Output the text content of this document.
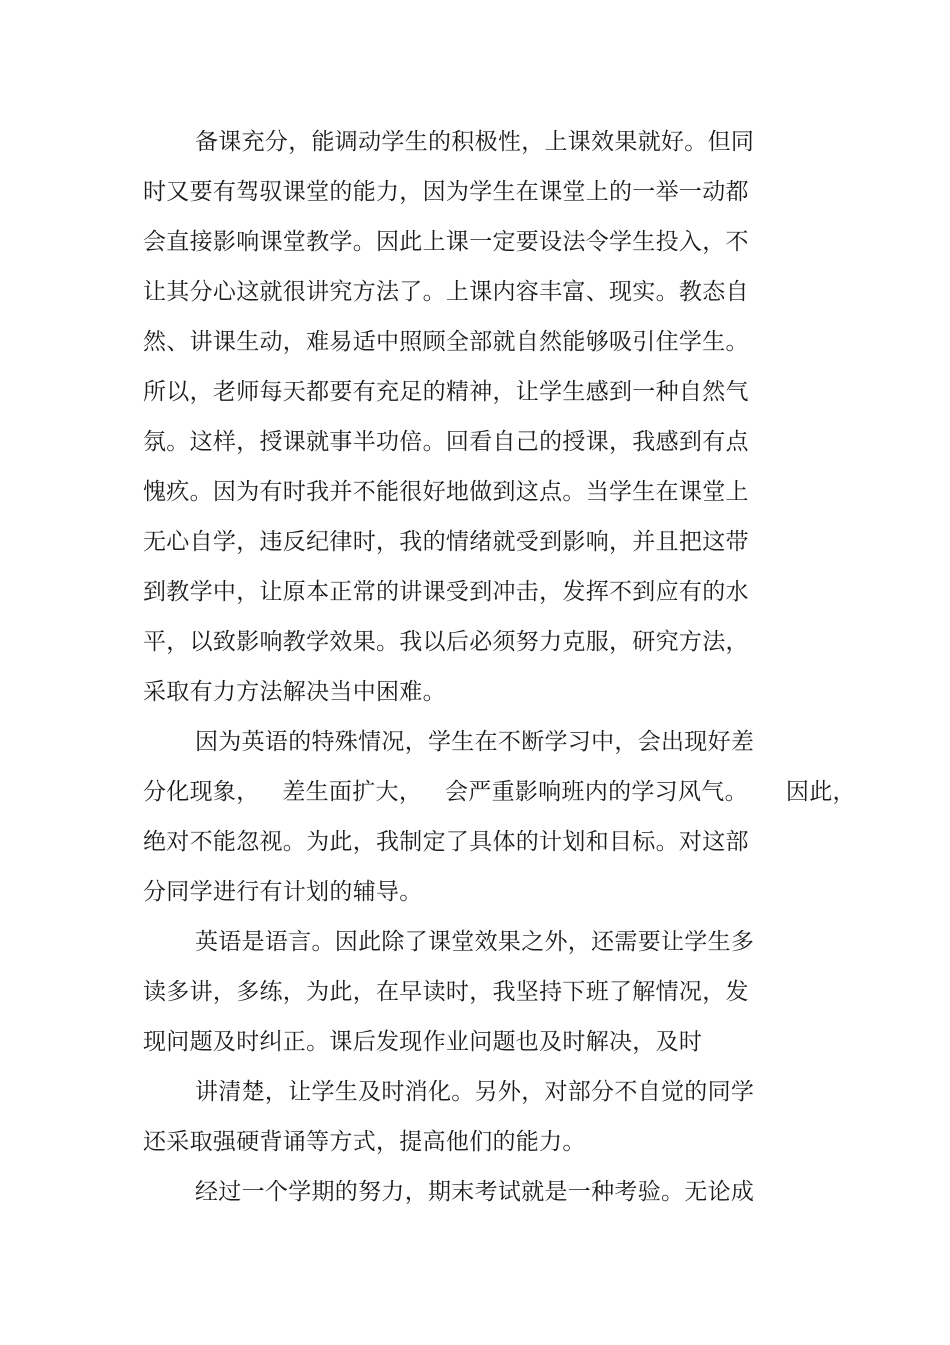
备课充分，能调动学生的积极性，上课效果就好。但同
时又要有驾驭课堂的能力，因为学生在课堂上的一举一动都
会直接影响课堂教学。因此上课一定要设法令学生投入，不
让其分心这就很讲究方法了。上课内容丰富、现实。教态自
然、讲课生动，难易适中照顾全部就自然能够吸引住学生。
所以，老师每天都要有充足的精神，让学生感到一种自然气
氛。这样，授课就事半功倍。回看自己的授课，我感到有点
愧疚。因为有时我并不能很好地做到这点。当学生在课堂上
无心自学，违反纪律时，我的情绪就受到影响，并且把这带
到教学中，让原本正常的讲课受到冲击，发挥不到应有的水
平，以致影响教学效果。我以后必须努力克服，研究方法，
采取有力方法解决当中困难。
因为英语的特殊情况，学生在不断学习中，会出现好差
分化现象，   差生面扩大，   会严重影响班内的学习风气。     因此，
绝对不能忽视。为此，我制定了具体的计划和目标。对这部
分同学进行有计划的辅导。
英语是语言。因此除了课堂效果之外，还需要让学生多
读多讲，多练，为此，在早读时，我坚持下班了解情况，发
现问题及时纠正。课后发现作业问题也及时解决，及时
讲清楚，让学生及时消化。另外，对部分不自觉的同学
还采取强硬背诵等方式，提高他们的能力。
经过一个学期的努力，期末考试就是一种考验。无论成
